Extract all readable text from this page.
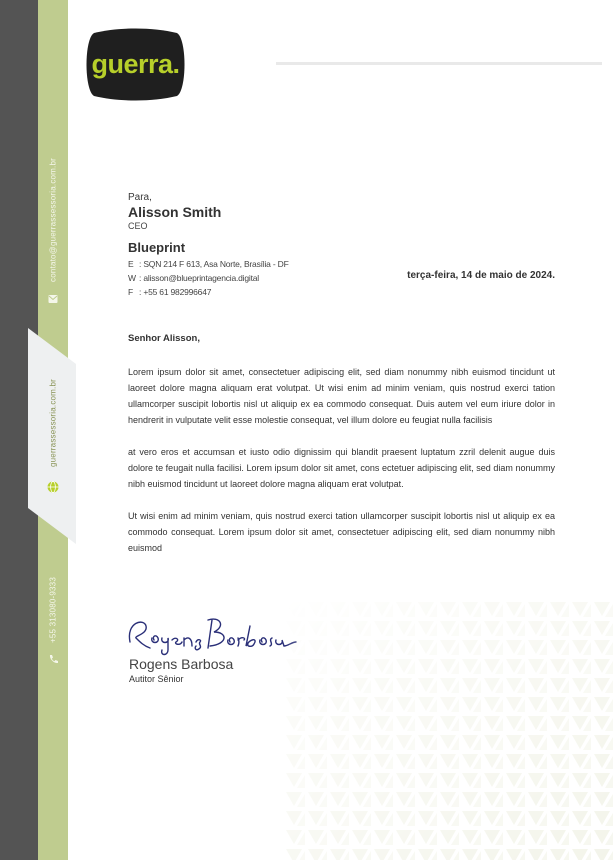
contato@guerrassessoria.com.br
guerrassessoria.com.br
+55 313080-9333
guerra.
Para,
Alisson Smith
CEO
Blueprint
E : SQN 214 F 613, Asa Norte, Brasília - DF
W : alisson@blueprintagencia.digital
F : +55 61 982996647
terça-feira, 14 de maio de 2024.
Senhor Alisson,
Lorem ipsum dolor sit amet, consectetuer adipiscing elit, sed diam nonummy nibh euismod tincidunt ut laoreet dolore magna aliquam erat volutpat. Ut wisi enim ad minim veniam, quis nostrud exerci tation ullamcorper suscipit lobortis nisl ut aliquip ex ea commodo consequat. Duis autem vel eum iriure dolor in hendrerit in vulputate velit esse molestie consequat, vel illum dolore eu feugiat nulla facilisis
at vero eros et accumsan et iusto odio dignissim qui blandit praesent luptatum zzril delenit augue duis dolore te feugait nulla facilisi. Lorem ipsum dolor sit amet, cons ectetuer adipiscing elit, sed diam nonummy nibh euismod tincidunt ut laoreet dolore magna aliquam erat volutpat.
Ut wisi enim ad minim veniam, quis nostrud exerci tation ullamcorper suscipit lobortis nisl ut aliquip ex ea commodo consequat. Lorem ipsum dolor sit amet, consectetuer adipiscing elit, sed diam nonummy nibh euismod
Rogens Barbosa
Autitor Sênior
